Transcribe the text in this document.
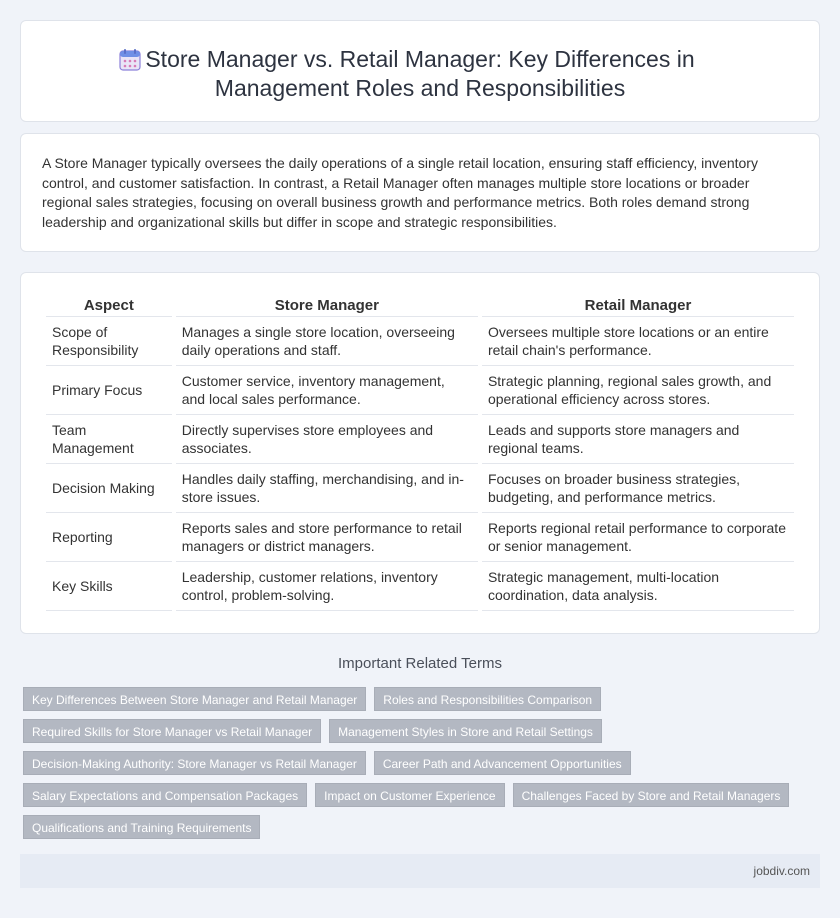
Store Manager vs. Retail Manager: Key Differences in Management Roles and Responsibilities

A Store Manager typically oversees the daily operations of a single retail location, ensuring staff efficiency, inventory control, and customer satisfaction. In contrast, a Retail Manager often manages multiple store locations or broader regional sales strategies, focusing on overall business growth and performance metrics. Both roles demand strong leadership and organizational skills but differ in scope and strategic responsibilities.

Aspect	Store Manager	Retail Manager
Scope of Responsibility	Manages a single store location, overseeing daily operations and staff.	Oversees multiple store locations or an entire retail chain's performance.
Primary Focus	Customer service, inventory management, and local sales performance.	Strategic planning, regional sales growth, and operational efficiency across stores.
Team Management	Directly supervises store employees and associates.	Leads and supports store managers and regional teams.
Decision Making	Handles daily staffing, merchandising, and in-store issues.	Focuses on broader business strategies, budgeting, and performance metrics.
Reporting	Reports sales and store performance to retail managers or district managers.	Reports regional retail performance to corporate or senior management.
Key Skills	Leadership, customer relations, inventory control, problem-solving.	Strategic management, multi-location coordination, data analysis.
Important Related Terms
Key Differences Between Store Manager and Retail Manager	Roles and Responsibilities Comparison
Required Skills for Store Manager vs Retail Manager	Management Styles in Store and Retail Settings
Decision-Making Authority: Store Manager vs Retail Manager	Career Path and Advancement Opportunities
Salary Expectations and Compensation Packages	Impact on Customer Experience	Challenges Faced by Store and Retail Managers
Qualifications and Training Requirements
jobdiv.com
